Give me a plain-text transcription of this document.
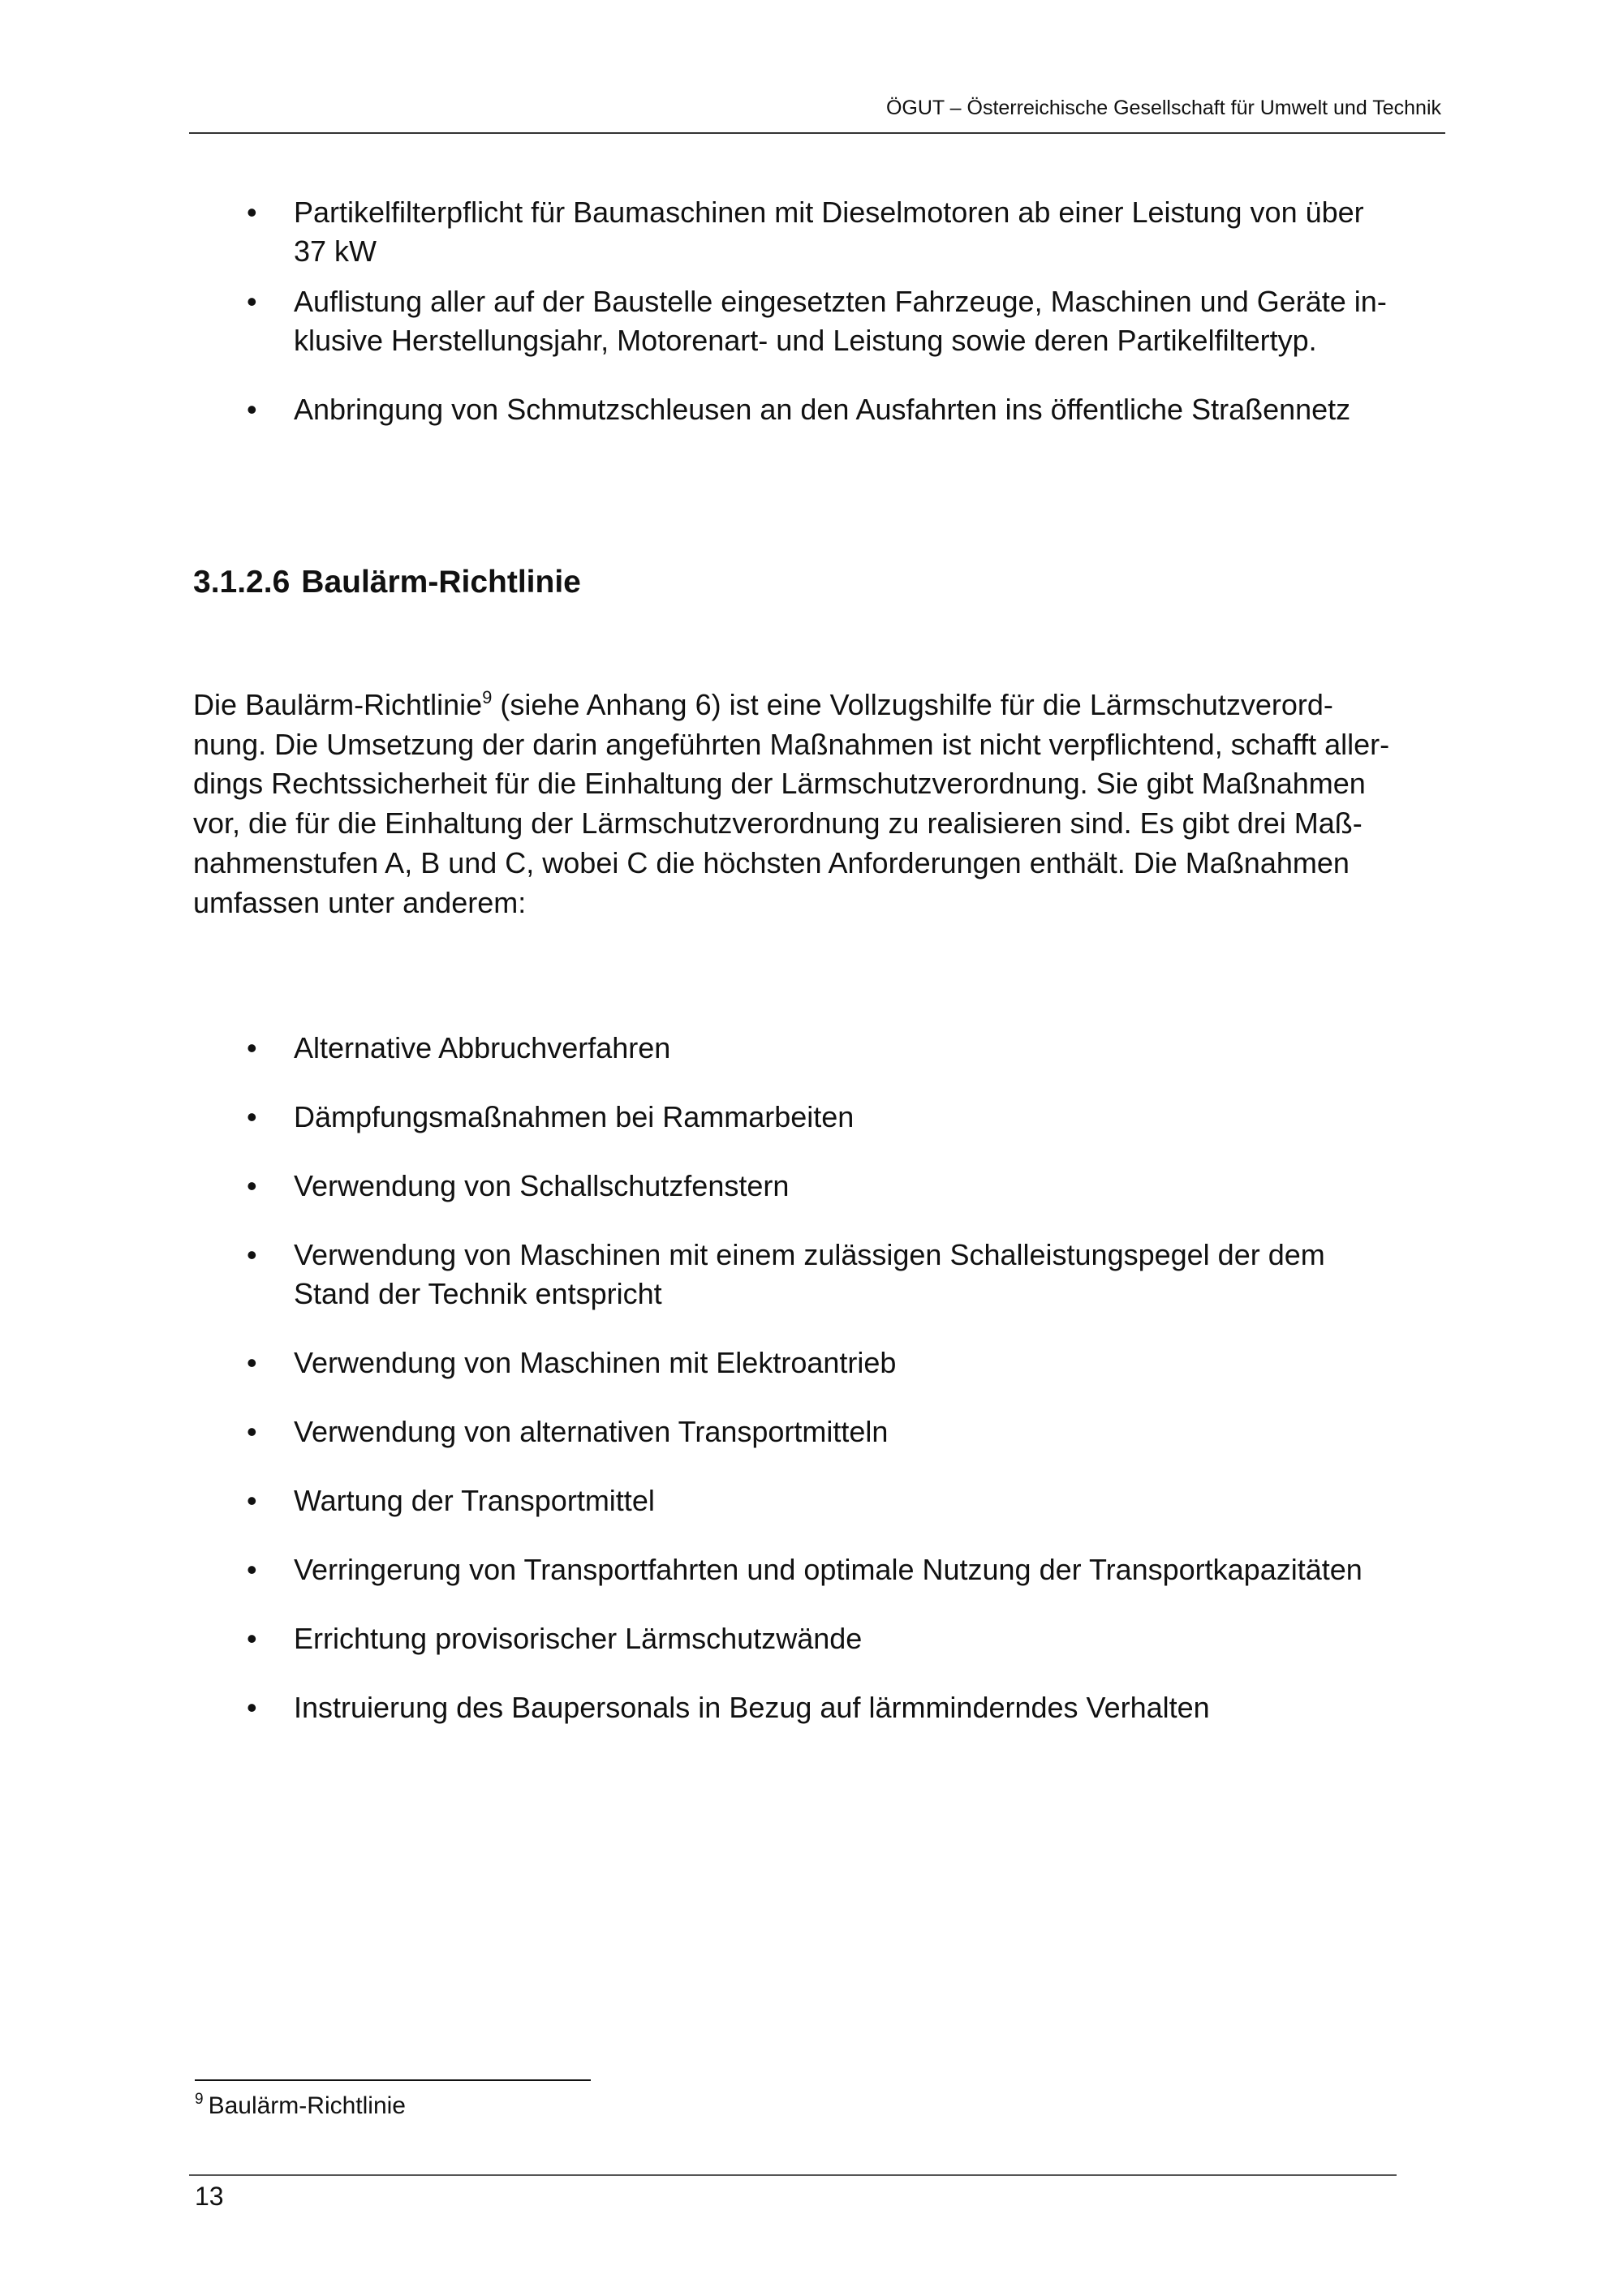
ÖGUT – Österreichische Gesellschaft für Umwelt und Technik
• Partikelfilterpflicht für Baumaschinen mit Dieselmotoren ab einer Leistung von über
37 kW
• Auflistung aller auf der Baustelle eingesetzten Fahrzeuge, Maschinen und Geräte in-
klusive Herstellungsjahr, Motorenart- und Leistung sowie deren Partikelfiltertyp.
• Anbringung von Schmutzschleusen an den Ausfahrten ins öffentliche Straßennetz
3.1.2.6 Baulärm-Richtlinie

Die Baulärm-Richtlinie$^9$ (siehe Anhang 6) ist eine Vollzugshilfe für die Lärmschutzverord-
nung. Die Umsetzung der darin angeführten Maßnahmen ist nicht verpflichtend, schafft aller-
dings Rechtssicherheit für die Einhaltung der Lärmschutzverordnung. Sie gibt Maßnahmen
vor, die für die Einhaltung der Lärmschutzverordnung zu realisieren sind. Es gibt drei Maß-
nahmenstufen A, B und C, wobei C die höchsten Anforderungen enthält. Die Maßnahmen
umfassen unter anderem:

• Alternative Abbruchverfahren
• Dämpfungsmaßnahmen bei Rammarbeiten
• Verwendung von Schallschutzfenstern
• Verwendung von Maschinen mit einem zulässigen Schalleistungspegel der dem
Stand der Technik entspricht
• Verwendung von Maschinen mit Elektroantrieb
• Verwendung von alternativen Transportmitteln
• Wartung der Transportmittel
• Verringerung von Transportfahrten und optimale Nutzung der Transportkapazitäten
• Errichtung provisorischer Lärmschutzwände
• Instruierung des Baupersonals in Bezug auf lärmminderndes Verhalten
$^9$ Baulärm-Richtlinie
13
